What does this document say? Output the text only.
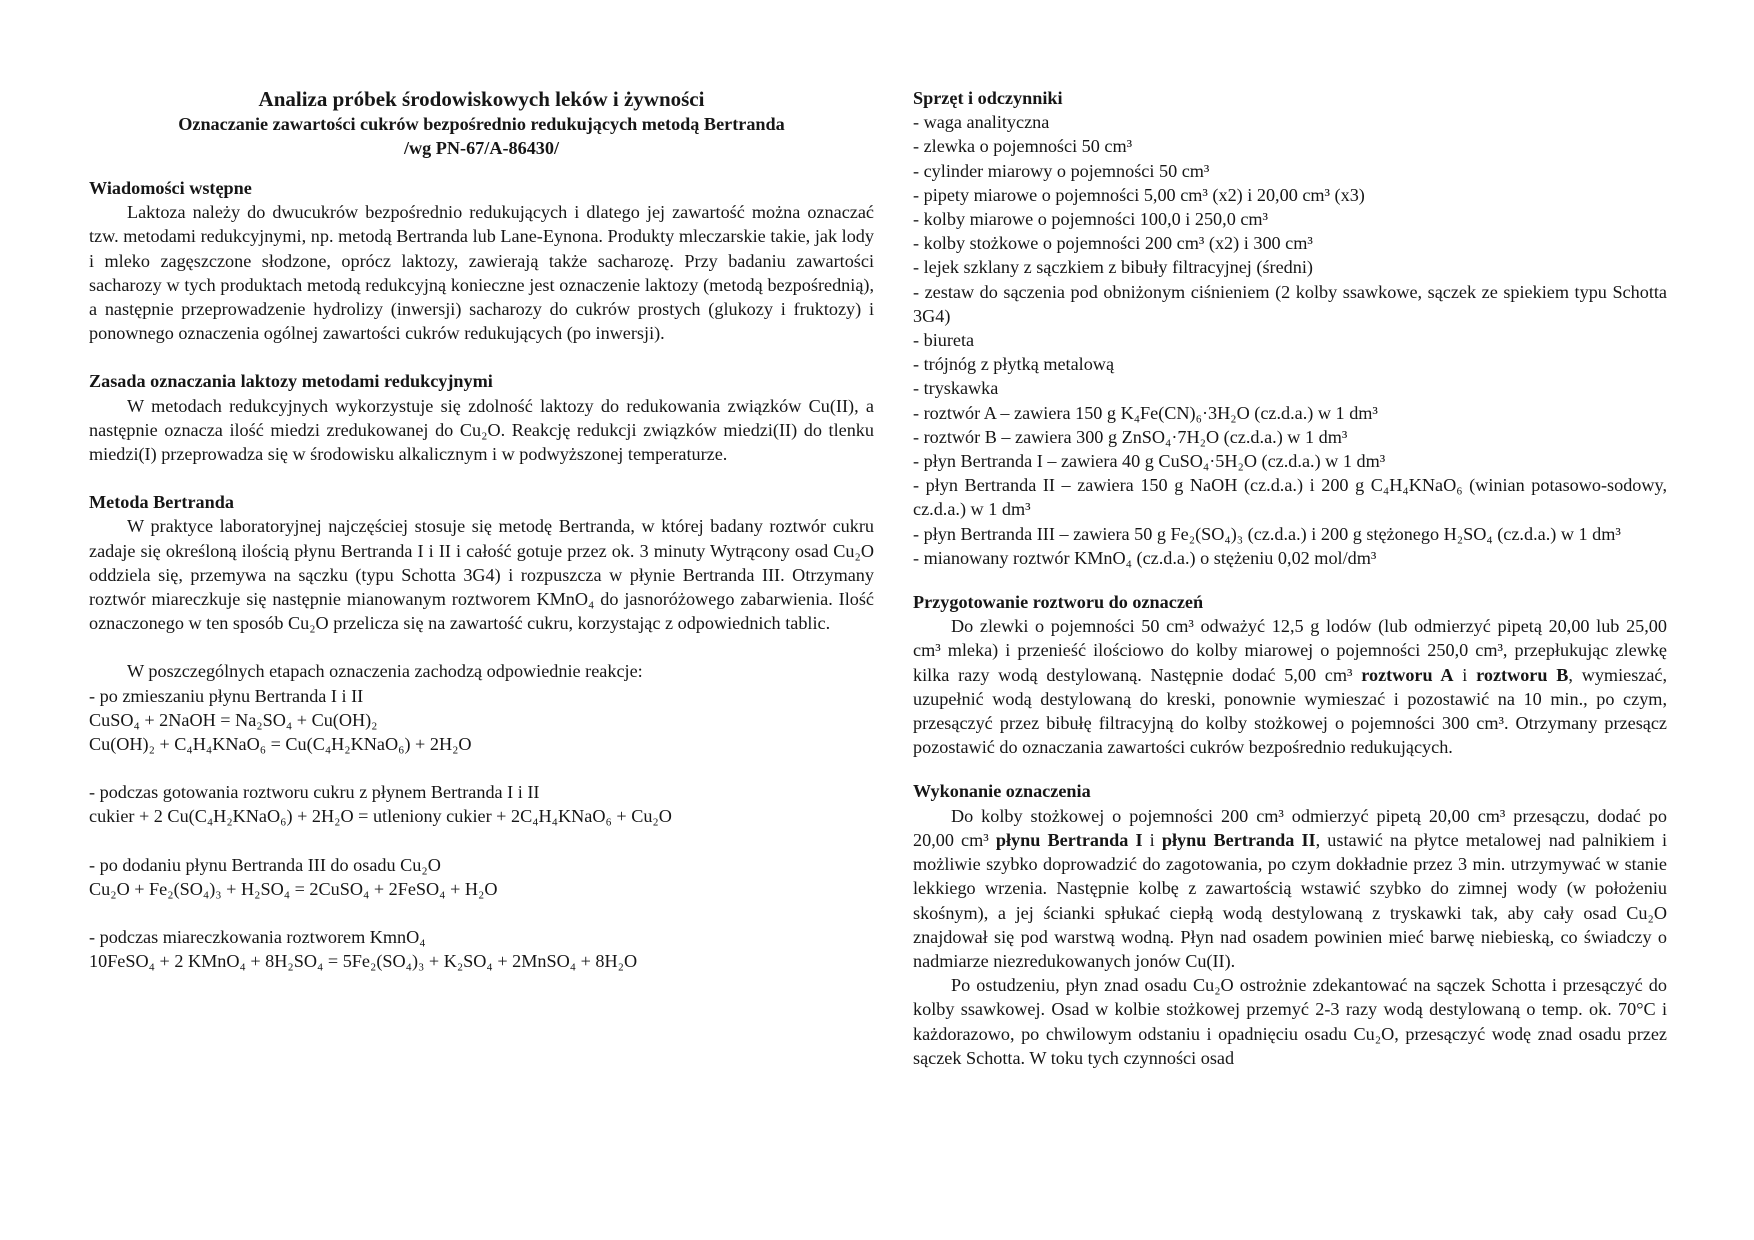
Analiza próbek środowiskowych leków i żywności
Oznaczanie zawartości cukrów bezpośrednio redukujących metodą Bertranda
/wg PN-67/A-86430/

Wiadomości wstępne

Laktoza należy do dwucukrów bezpośrednio redukujących i dlatego jej zawartość można oznaczać tzw. metodami redukcyjnymi, np. metodą Bertranda lub Lane-Eynona. Produkty mleczarskie takie, jak lody i mleko zagęszczone słodzone, oprócz laktozy, zawierają także sacharozę. Przy badaniu zawartości sacharozy w tych produktach metodą redukcyjną konieczne jest oznaczenie laktozy (metodą bezpośrednią), a następnie przeprowadzenie hydrolizy (inwersji) sacharozy do cukrów prostych (glukozy i fruktozy) i ponownego oznaczenia ogólnej zawartości cukrów redukujących (po inwersji).

Zasada oznaczania laktozy metodami redukcyjnymi

W metodach redukcyjnych wykorzystuje się zdolność laktozy do redukowania związków Cu(II), a następnie oznacza ilość miedzi zredukowanej do Cu₂O. Reakcję redukcji związków miedzi(II) do tlenku miedzi(I) przeprowadza się w środowisku alkalicznym i w podwyższonej temperaturze.

Metoda Bertranda

W praktyce laboratoryjnej najczęściej stosuje się metodę Bertranda, w której badany roztwór cukru zadaje się określoną ilością płynu Bertranda I i II i całość gotuje przez ok. 3 minuty Wytrącony osad Cu₂O oddziela się, przemywa na sączku (typu Schotta 3G4) i rozpuszcza w płynie Bertranda III. Otrzymany roztwór miareczkuje się następnie mianowanym roztworem KMnO₄ do jasnoróżowego zabarwienia. Ilość oznaczonego w ten sposób Cu₂O przelicza się na zawartość cukru, korzystając z odpowiednich tablic.

W poszczególnych etapach oznaczenia zachodzą odpowiednie reakcje:

- po zmieszaniu płynu Bertranda I i II

CuSO₄ + 2NaOH = Na₂SO₄ + Cu(OH)₂

Cu(OH)₂ + C₄H₄KNaO₆ = Cu(C₄H₂KNaO₆) + 2H₂O

- podczas gotowania roztworu cukru z płynem Bertranda I i II

cukier + 2 Cu(C₄H₂KNaO₆) + 2H₂O = utleniony cukier + 2C₄H₄KNaO₆ + Cu₂O

- po dodaniu płynu Bertranda III do osadu Cu₂O

Cu₂O + Fe₂(SO₄)₃ + H₂SO₄ = 2CuSO₄ + 2FeSO₄ + H₂O

- podczas miareczkowania roztworem KmnO₄

10FeSO₄ + 2 KMnO₄ + 8H₂SO₄ = 5Fe₂(SO₄)₃ + K₂SO₄ + 2MnSO₄ + 8H₂O

Sprzęt i odczynniki

- waga analityczna

- zlewka o pojemności 50 cm³

- cylinder miarowy o pojemności 50 cm³

- pipety miarowe o pojemności 5,00 cm³ (x2) i 20,00 cm³ (x3)

- kolby miarowe o pojemności 100,0 i 250,0 cm³

- kolby stożkowe o pojemności 200 cm³ (x2) i 300 cm³

- lejek szklany z sączkiem z bibuły filtracyjnej (średni)

- zestaw do sączenia pod obniżonym ciśnieniem (2 kolby ssawkowe, sączek ze spiekiem typu Schotta 3G4)

- biureta

- trójnóg z płytką metalową

- tryskawka

- roztwór A – zawiera 150 g K₄Fe(CN)₆·3H₂O (cz.d.a.) w 1 dm³

- roztwór B – zawiera 300 g ZnSO₄·7H₂O (cz.d.a.) w 1 dm³

- płyn Bertranda I – zawiera 40 g CuSO₄·5H₂O (cz.d.a.) w 1 dm³

- płyn Bertranda II – zawiera 150 g NaOH (cz.d.a.) i 200 g C₄H₄KNaO₆ (winian potasowo-sodowy, cz.d.a.) w 1 dm³

- płyn Bertranda III – zawiera 50 g Fe₂(SO₄)₃ (cz.d.a.) i 200 g stężonego H₂SO₄ (cz.d.a.) w 1 dm³

- mianowany roztwór KMnO₄ (cz.d.a.) o stężeniu 0,02 mol/dm³

Przygotowanie roztworu do oznaczeń

Do zlewki o pojemności 50 cm³ odważyć 12,5 g lodów (lub odmierzyć pipetą 20,00 lub 25,00 cm³ mleka) i przenieść ilościowo do kolby miarowej o pojemności 250,0 cm³, przepłukując zlewkę kilka razy wodą destylowaną. Następnie dodać 5,00 cm³ roztworu A i roztworu B, wymieszać, uzupełnić wodą destylowaną do kreski, ponownie wymieszać i pozostawić na 10 min., po czym, przesączyć przez bibułę filtracyjną do kolby stożkowej o pojemności 300 cm³. Otrzymany przesącz pozostawić do oznaczania zawartości cukrów bezpośrednio redukujących.

Wykonanie oznaczenia

Do kolby stożkowej o pojemności 200 cm³ odmierzyć pipetą 20,00 cm³ przesączu, dodać po 20,00 cm³ płynu Bertranda I i płynu Bertranda II, ustawić na płytce metalowej nad palnikiem i możliwie szybko doprowadzić do zagotowania, po czym dokładnie przez 3 min. utrzymywać w stanie lekkiego wrzenia. Następnie kolbę z zawartością wstawić szybko do zimnej wody (w położeniu skośnym), a jej ścianki spłukać ciepłą wodą destylowaną z tryskawki tak, aby cały osad Cu₂O znajdował się pod warstwą wodną. Płyn nad osadem powinien mieć barwę niebieską, co świadczy o nadmiarze niezredukowanych jonów Cu(II).

Po ostudzeniu, płyn znad osadu Cu₂O ostrożnie zdekantować na sączek Schotta i przesączyć do kolby ssawkowej. Osad w kolbie stożkowej przemyć 2-3 razy wodą destylowaną o temp. ok. 70°C i każdorazowo, po chwilowym odstaniu i opadnięciu osadu Cu₂O, przesączyć wodę znad osadu przez sączek Schotta. W toku tych czynności osad
